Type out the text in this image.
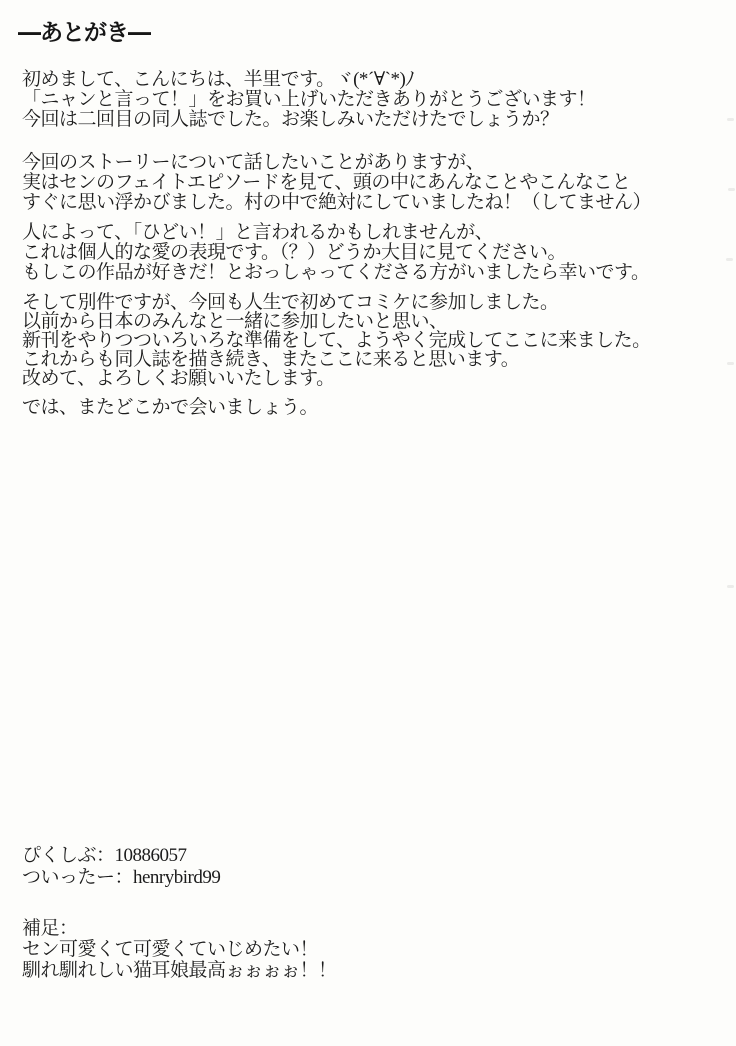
―あとがき―
初めまして、こんにちは、半里です。ヾ(*´∀`*)ﾉ
「ニャンと言って！」をお買い上げいただきありがとうございます！
今回は二回目の同人誌でした。お楽しみいただけたでしょうか？
今回のストーリーについて話したいことがありますが、
実はセンのフェイトエピソードを見て、頭の中にあんなことやこんなこと
すぐに思い浮かびました。村の中で絶対にしていましたね！（してません）
人によって、「ひどい！」と言われるかもしれませんが、
これは個人的な愛の表現です。（？）どうか大目に見てください。
もしこの作品が好きだ！とおっしゃってくださる方がいましたら幸いです。
そして別件ですが、今回も人生で初めてコミケに参加しました。
以前から日本のみんなと一緒に参加したいと思い、
新刊をやりつついろいろな準備をして、ようやく完成してここに来ました。
これからも同人誌を描き続き、またここに来ると思います。
改めて、よろしくお願いいたします。
では、またどこかで会いましょう。
ぴくしぶ：10886057
ついったー：henrybird99
補足：
セン可愛くて可愛くていじめたい！
馴れ馴れしい猫耳娘最高ぉぉぉぉ！！
